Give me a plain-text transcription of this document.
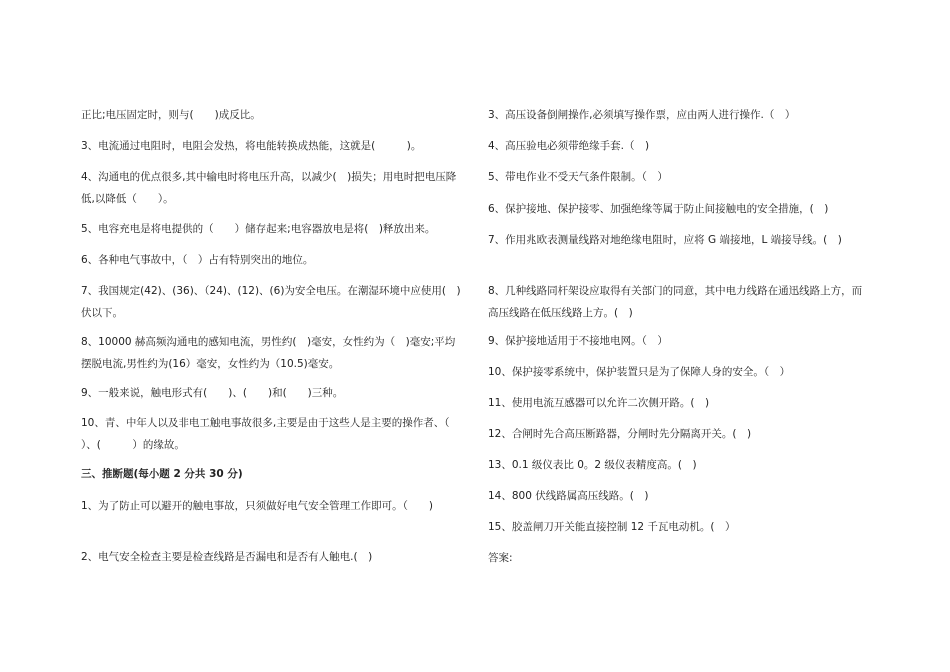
正比;电压固定时，则与(　　)成反比。

3、电流通过电阻时，电阻会发热，将电能转换成热能，这就是(　　　)。

4、沟通电的优点很多,其中输电时将电压升高，以减少(　)损失；用电时把电压降低,以降低（　　）。

5、电容充电是将电提供的（　　）储存起来;电容器放电是将(　)释放出来。

6、各种电气事故中，（　）占有特别突出的地位。

7、我国规定(42)、(36)、（24)、(12)、(6)为安全电压。在潮湿环境中应使用(　)伏以下。

8、10000 赫高频沟通电的感知电流，男性约(　)毫安，女性约为（　)毫安;平均摆脱电流,男性约为(16）毫安，女性约为（10.5)毫安。

9、一般来说，触电形式有(　　)、(　　)和(　　)三种。

10、青、中年人以及非电工触电事故很多,主要是由于这些人是主要的操作者、（　　　　）、(　　　）的缘故。

三、推断题(每小题 2 分共 30 分)

1、为了防止可以避开的触电事故，只须做好电气安全管理工作即可。（　　)

2、电气安全检查主要是检查线路是否漏电和是否有人触电.(　)

3、高压设备倒闸操作,必须填写操作票，应由两人进行操作.（　）

4、高压验电必须带绝缘手套.（　)

5、带电作业不受天气条件限制。（　）

6、保护接地、保护接零、加强绝缘等属于防止间接触电的安全措施，(　)

7、作用兆欧表测量线路对地绝缘电阻时，应将 G 端接地，L 端接导线。(　)

8、几种线路同杆架设应取得有关部门的同意，其中电力线路在通迅线路上方，而高压线路在低压线路上方。(　)

9、保护接地适用于不接地电网。（　）

10、保护接零系统中，保护装置只是为了保障人身的安全。（　）

11、使用电流互感器可以允许二次侧开路。(　)

12、合闸时先合高压断路器，分闸时先分隔离开关。(　)

13、0.1 级仪表比 0。2 级仪表精度高。(　)

14、800 伏线路属高压线路。(　)

15、胶盖闸刀开关能直接控制 12 千瓦电动机。(　）

答案:
